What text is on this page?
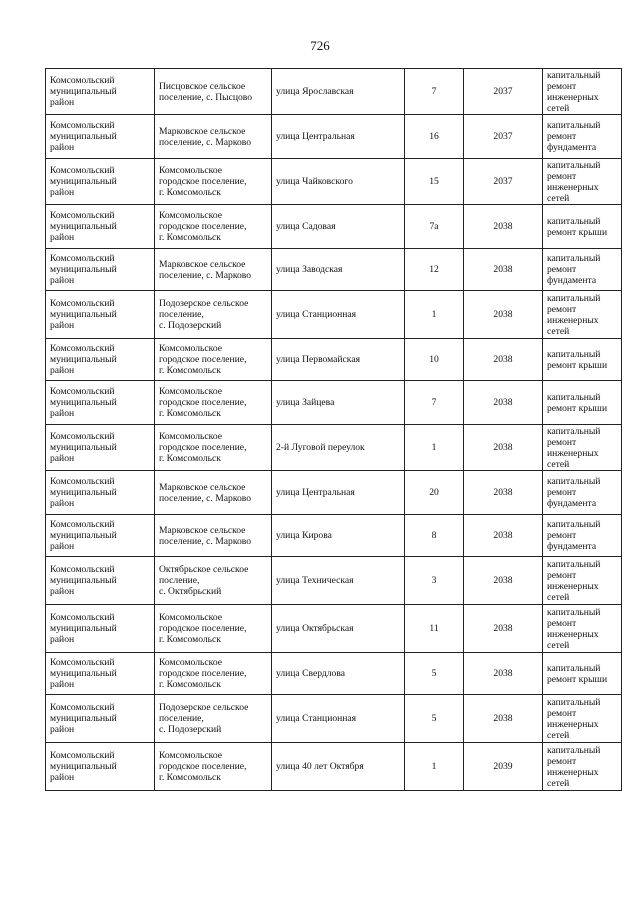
726
Комсомольский
муниципальный
район	Писцовское сельское
поселение, с. Пысцово	улица Ярославская	7	2037	капитальный
ремонт
инженерных
сетей

Комсомольский
муниципальный
район	Марковское сельское
поселение, с. Марково	улица Центральная	16	2037	капитальный
ремонт
фундамента

Комсомольский
муниципальный
район	Комсомольское
городское поселение,
г. Комсомольск	улица Чайковского	15	2037	капитальный
ремонт
инженерных
сетей

Комсомольский
муниципальный
район	Комсомольское
городское поселение,
г. Комсомольск	улица Садовая	7а	2038	капитальный
ремонт крыши

Комсомольский
муниципальный
район	Марковское сельское
поселение, с. Марково	улица Заводская	12	2038	капитальный
ремонт
фундамента

Комсомольский
муниципальный
район	Подозерское сельское
поселение,
с. Подозерский	улица Станционная	1	2038	капитальный
ремонт
инженерных
сетей

Комсомольский
муниципальный
район	Комсомольское
городское поселение,
г. Комсомольск	улица Первомайская	10	2038	капитальный
ремонт крыши

Комсомольский
муниципальный
район	Комсомольское
городское поселение,
г. Комсомольск	улица Зайцева	7	2038	капитальный
ремонт крыши

Комсомольский
муниципальный
район	Комсомольское
городское поселение,
г. Комсомольск	2-й Луговой переулок	1	2038	капитальный
ремонт
инженерных
сетей

Комсомольский
муниципальный
район	Марковское сельское
поселение, с. Марково	улица Центральная	20	2038	капитальный
ремонт
фундамента

Комсомольский
муниципальный
район	Марковское сельское
поселение, с. Марково	улица Кирова	8	2038	капитальный
ремонт
фундамента

Комсомольский
муниципальный
район	Октябрьское сельское
посление,
с. Октябрьский	улица Техническая	3	2038	капитальный
ремонт
инженерных
сетей

Комсомольский
муниципальный
район	Комсомольское
городское поселение,
г. Комсомольск	улица Октябрьская	11	2038	капитальный
ремонт
инженерных
сетей

Комсомольский
муниципальный
район	Комсомольское
городское поселение,
г. Комсомольск	улица Свердлова	5	2038	капитальный
ремонт крыши

Комсомольский
муниципальный
район	Подозерское сельское
поселение,
с. Подозерский	улица Станционная	5	2038	капитальный
ремонт
инженерных
сетей

Комсомольский
муниципальный
район	Комсомольское
городское поселение,
г. Комсомольск	улица 40 лет Октября	1	2039	капитальный
ремонт
инженерных
сетей
